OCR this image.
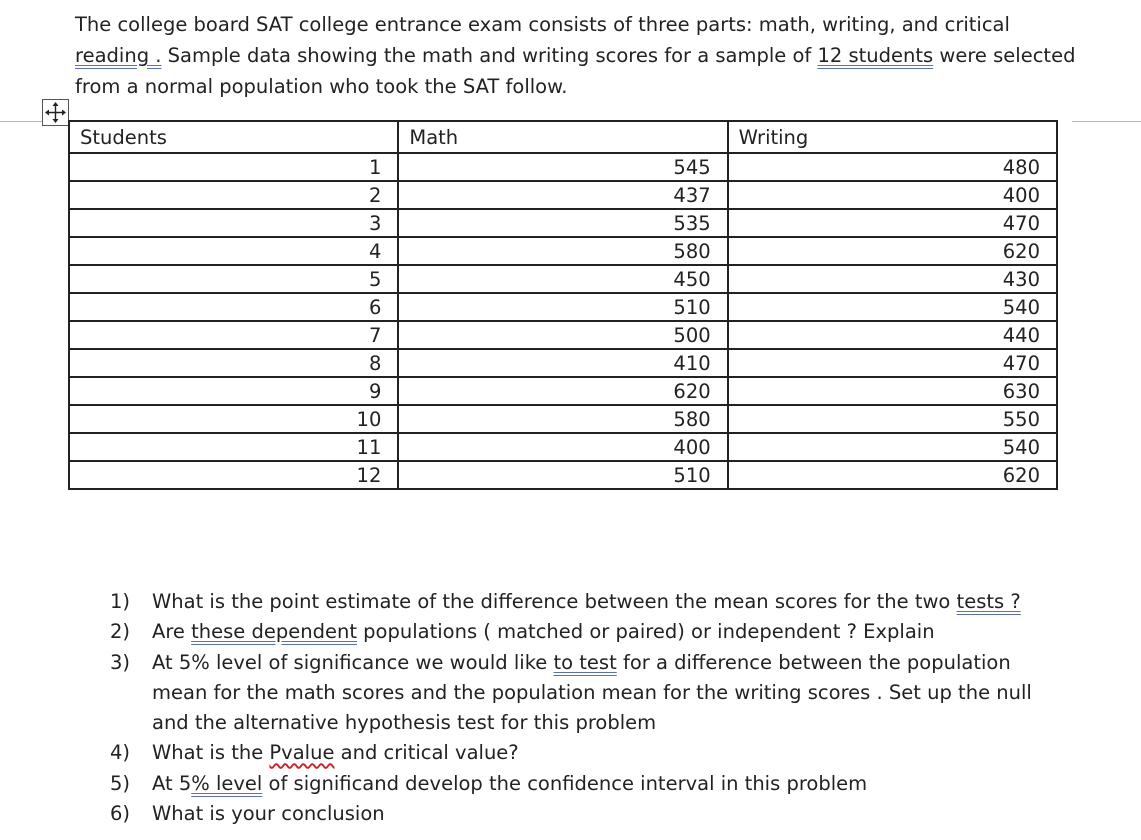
The college board SAT college entrance exam consists of three parts: math, writing, and critical reading . Sample data showing the math and writing scores for a sample of 12 students were selected from a normal population who took the SAT follow.

Students	Math	Writing
1	545	480
2	437	400
3	535	470
4	580	620
5	450	430
6	510	540
7	500	440
8	410	470
9	620	630
10	580	550
11	400	540
12	510	620
1) What is the point estimate of the difference between the mean scores for the two tests ?
2) Are these dependent populations ( matched or paired) or independent ? Explain
3) At 5% level of significance we would like to test for a difference between the population mean for the math scores and the population mean for the writing scores . Set up the null and the alternative hypothesis test for this problem
4) What is the Pvalue and critical value?
5) At 5% level of significand develop the confidence interval in this problem
6) What is your conclusion
